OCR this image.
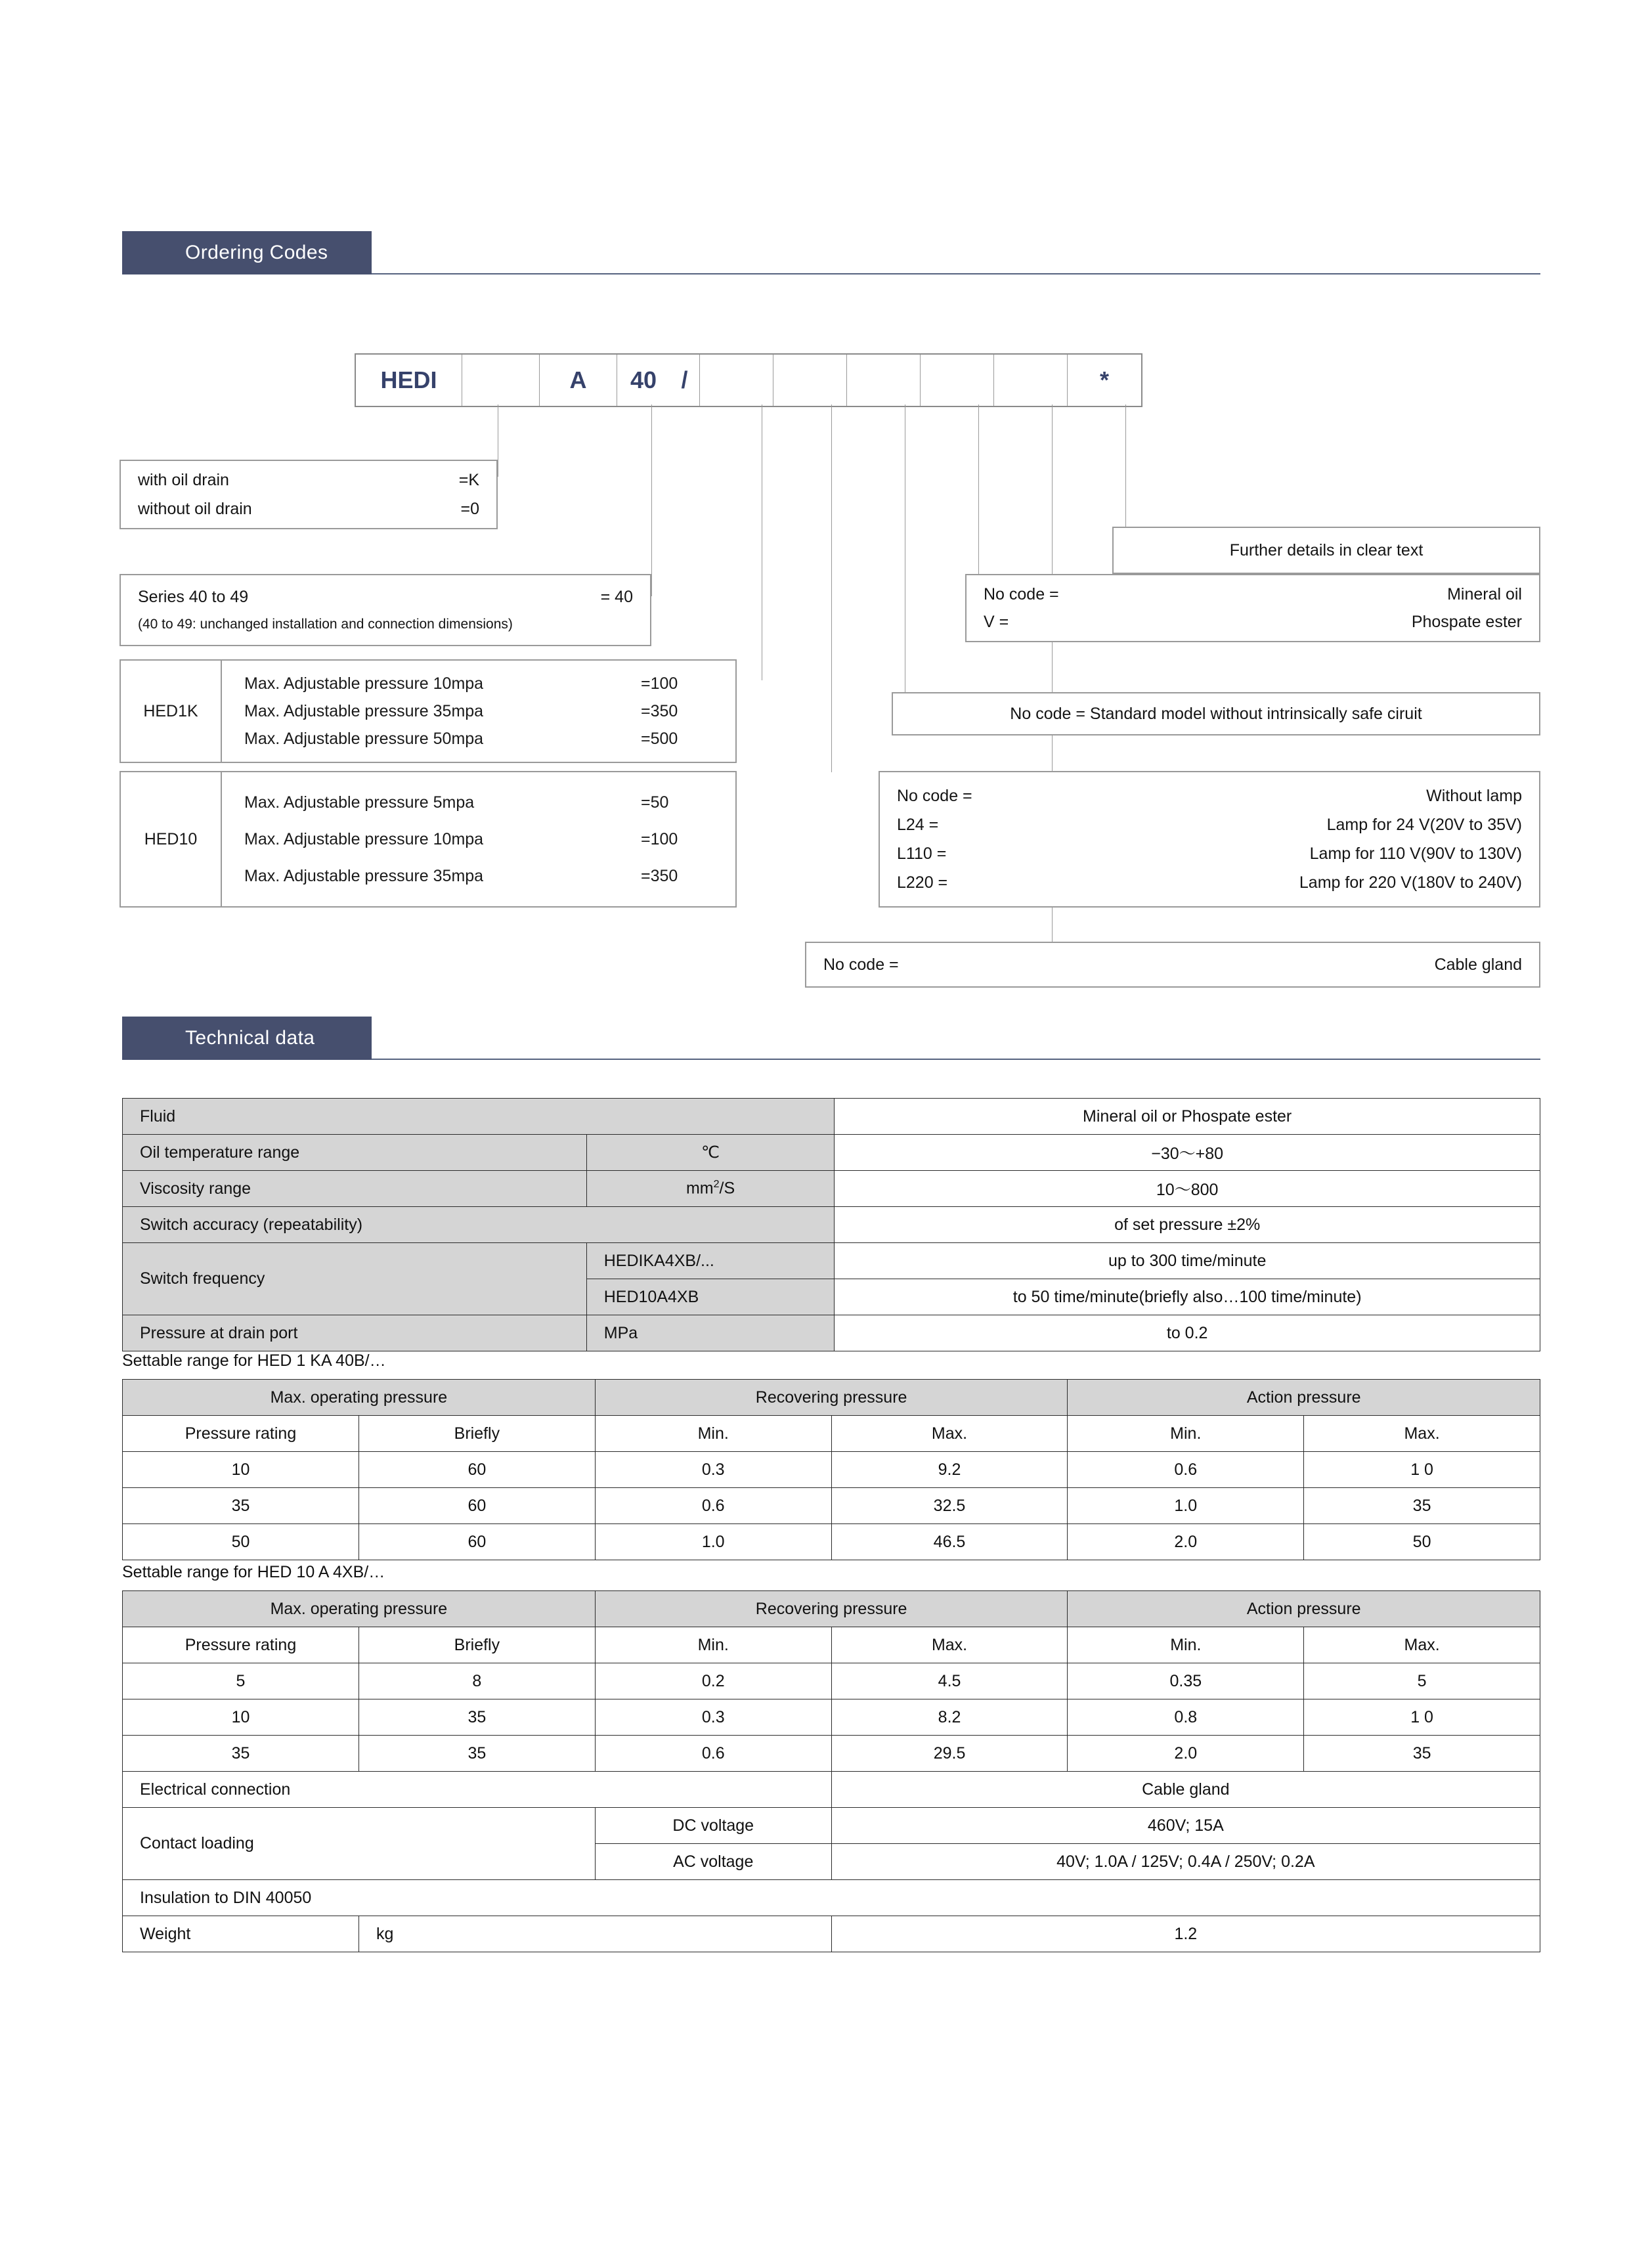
Ordering Codes
HEDI	A	40	/	*
with oil drain	=K
without oil drain	=0
Series 40 to 49	= 40
(40 to 49: unchanged installation and connection dimensions)
HED1K
Max. Adjustable pressure 10mpa	=100
Max. Adjustable pressure 35mpa	=350
Max. Adjustable pressure 50mpa	=500
HED10
Max. Adjustable pressure 5mpa	=50
Max. Adjustable pressure 10mpa	=100
Max. Adjustable pressure 35mpa	=350
Further details in clear text
No code =	Mineral oil
V =	Phospate ester
No code = Standard model without intrinsically safe ciruit
No code =	Without lamp
L24 =	Lamp for 24 V(20V to 35V)
L110 =	Lamp for 110 V(90V to 130V)
L220 =	Lamp for 220 V(180V to 240V)
No code =	Cable gland
Technical data
Fluid		Mineral oil or Phospate ester
Oil temperature range	℃	−30〜+80
Viscosity range	$mm^2/S$	10〜800
Switch accuracy (repeatability)		of set pressure ±2%
Switch frequency	HEDIKA4XB/...	up to 300 time/minute
	HED10A4XB	to 50 time/minute(briefly also…100 time/minute)
Pressure at drain port	MPa	to 0.2
Settable range for HED 1 KA 40B/…
Max. operating pressure		Recovering pressure		Action pressure	
Pressure rating	Briefly	Min.	Max.	Min.	Max.
10	60	0.3	9.2	0.6	1 0
35	60	0.6	32.5	1.0	35
50	60	1.0	46.5	2.0	50
Settable range for HED 10 A 4XB/…
Max. operating pressure		Recovering pressure		Action pressure	
Pressure rating	Briefly	Min.	Max.	Min.	Max.
5	8	0.2	4.5	0.35	5
10	35	0.3	8.2	0.8	1 0
35	35	0.6	29.5	2.0	35
Electrical connection			Cable gland		
Contact loading		DC voltage	460V; 15A		
		AC voltage	40V; 1.0A / 125V; 0.4A / 250V; 0.2A		
Insulation to DIN 40050					
Weight	kg		1.2		
